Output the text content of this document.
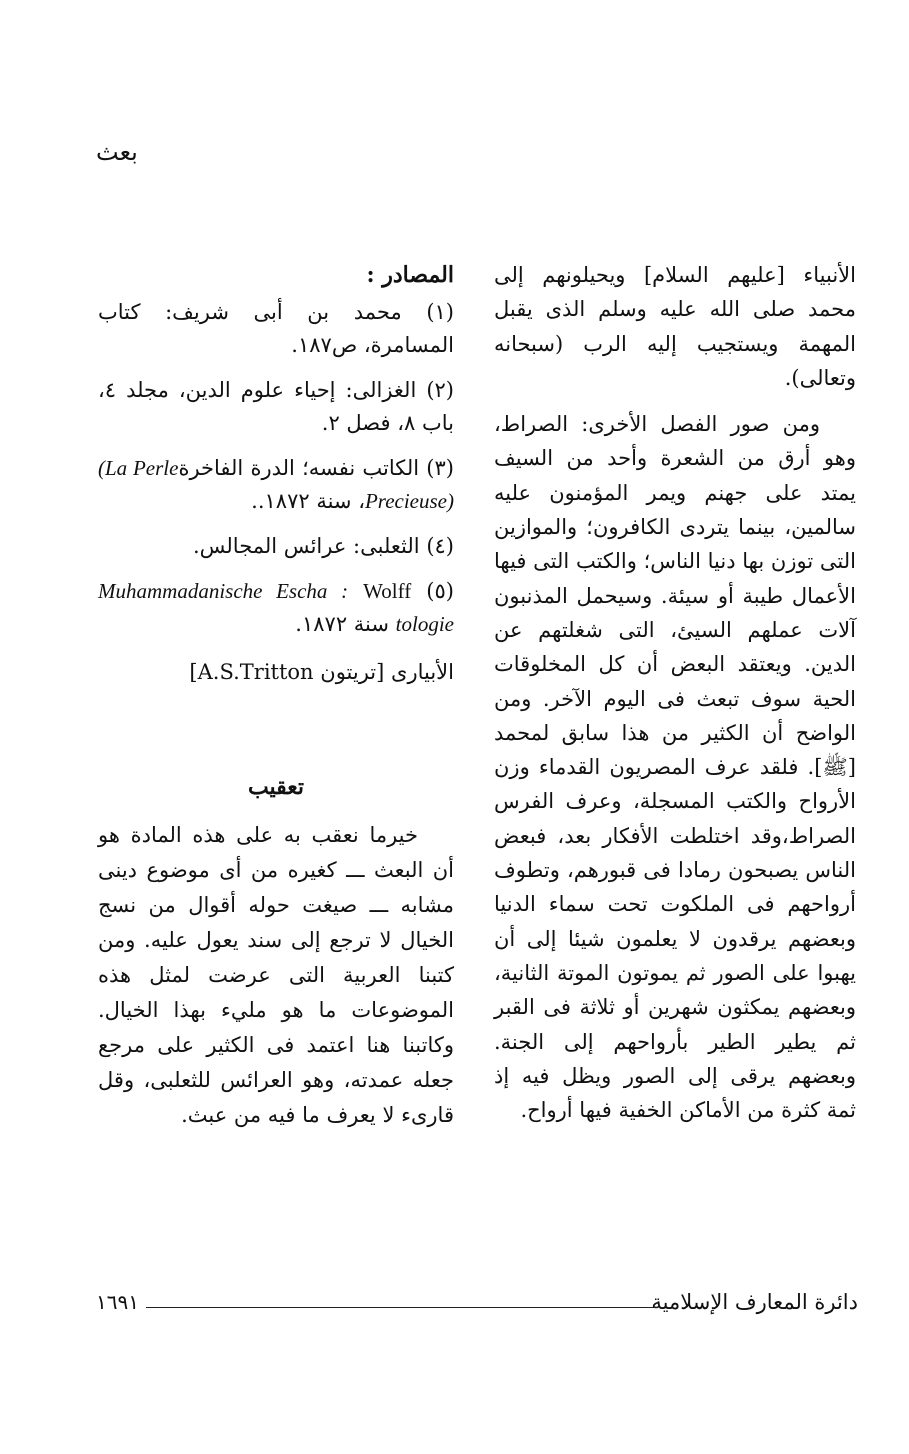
بعث

الأنبياء [عليهم السلام] ويحيلونهم إلى محمد صلى الله عليه وسلم الذى يقبل المهمة ويستجيب إليه الرب (سبحانه وتعالى).

ومن صور الفصل الأخرى: الصراط، وهو أرق من الشعرة وأحد من السيف يمتد على جهنم ويمر المؤمنون عليه سالمين، بينما يتردى الكافرون؛ والموازين التى توزن بها دنيا الناس؛ والكتب التى فيها الأعمال طيبة أو سيئة. وسيحمل المذنبون آلات عملهم السيئ، التى شغلتهم عن الدين. ويعتقد البعض أن كل المخلوقات الحية سوف تبعث فى اليوم الآخر. ومن الواضح أن الكثير من هذا سابق لمحمد [ﷺ]. فلقد عرف المصريون القدماء وزن الأرواح والكتب المسجلة، وعرف الفرس الصراط،وقد اختلطت الأفكار بعد، فبعض الناس يصبحون رمادا فى قبورهم، وتطوف أرواحهم فى الملكوت تحت سماء الدنيا وبعضهم يرقدون لا يعلمون شيئا إلى أن يهبوا على الصور ثم يموتون الموتة الثانية، وبعضهم يمكثون شهرين أو ثلاثة فى القبر ثم يطير الطير بأرواحهم إلى الجنة. وبعضهم يرقى إلى الصور ويظل فيه إذ ثمة كثرة من الأماكن الخفية فيها أرواح.

المصادر :
(١) محمد بن أبى شريف: كتاب المسامرة، ص١٨٧.
(٢) الغزالى: إحياء علوم الدين، مجلد ٤، باب ٨، فصل ٢.
(٣) الكاتب نفسه؛ الدرة الفاخرة(La Perle Precieuse)، سنة ١٨٧٢..
(٤) الثعلبى: عرائس المجالس.
(٥) Wolff Muhammadanische Escha : tologie سنة ١٨٧٢.
الأبيارى [تريتون A.S.Tritton]
تعقيب

خيرما نعقب به على هذه المادة هو أن البعث ـــ كغيره من أى موضوع دينى مشابه ـــ صيغت حوله أقوال من نسج الخيال لا ترجع إلى سند يعول عليه. ومن كتبنا العربية التى عرضت لمثل هذه الموضوعات ما هو مليء بهذا الخيال. وكاتبنا هنا اعتمد فى الكثير على مرجع جعله عمدته، وهو العرائس للثعلبى، وقل قارىء لا يعرف ما فيه من عبث.

دائرة المعارف الإسلامية
١٦٩١
